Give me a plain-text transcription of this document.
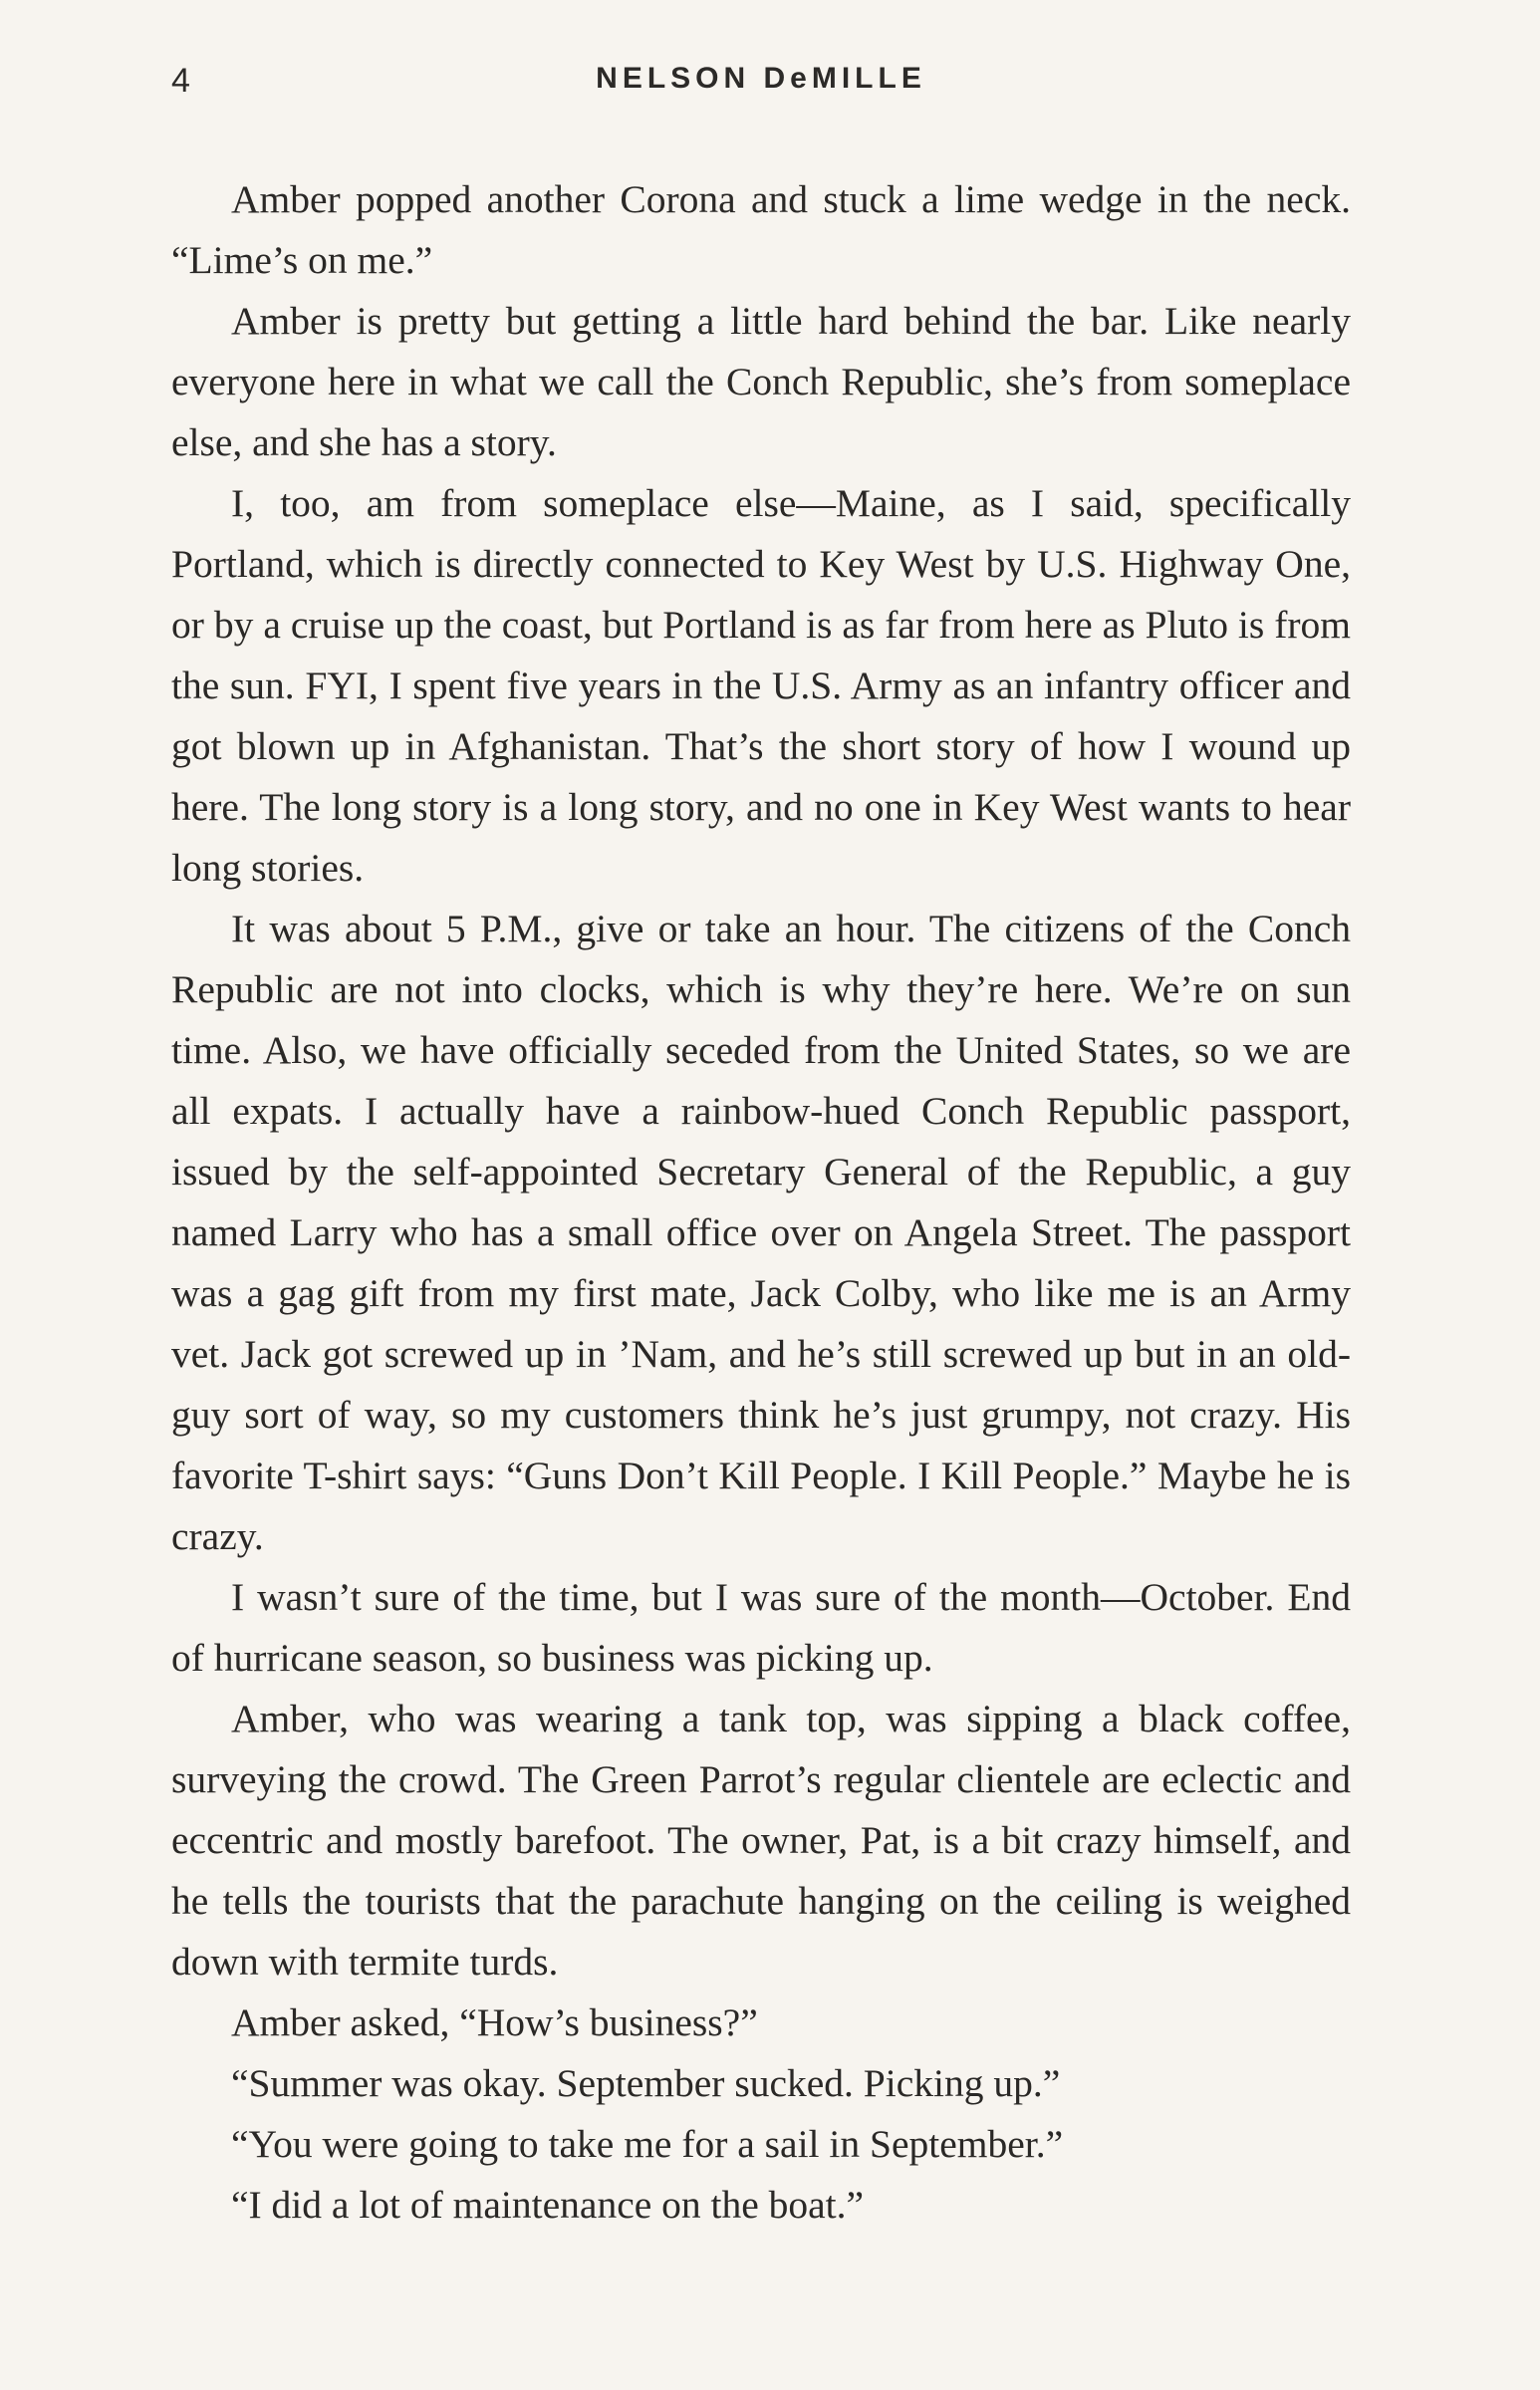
4	NELSON DeMILLE

Amber popped another Corona and stuck a lime wedge in the neck. “Lime’s on me.”

Amber is pretty but getting a little hard behind the bar. Like nearly everyone here in what we call the Conch Republic, she’s from someplace else, and she has a story.

I, too, am from someplace else—Maine, as I said, specifically Portland, which is directly connected to Key West by U.S. Highway One, or by a cruise up the coast, but Portland is as far from here as Pluto is from the sun. FYI, I spent five years in the U.S. Army as an infantry officer and got blown up in Afghanistan. That’s the short story of how I wound up here. The long story is a long story, and no one in Key West wants to hear long stories.

It was about 5 P.M., give or take an hour. The citizens of the Conch Republic are not into clocks, which is why they’re here. We’re on sun time. Also, we have officially seceded from the United States, so we are all expats. I actually have a rainbow-hued Conch Republic passport, issued by the self-appointed Secretary General of the Republic, a guy named Larry who has a small office over on Angela Street. The passport was a gag gift from my first mate, Jack Colby, who like me is an Army vet. Jack got screwed up in ’Nam, and he’s still screwed up but in an old-guy sort of way, so my customers think he’s just grumpy, not crazy. His favorite T-shirt says: “Guns Don’t Kill People. I Kill People.” Maybe he is crazy.

I wasn’t sure of the time, but I was sure of the month—October. End of hurricane season, so business was picking up.

Amber, who was wearing a tank top, was sipping a black coffee, surveying the crowd. The Green Parrot’s regular clientele are eclectic and eccentric and mostly barefoot. The owner, Pat, is a bit crazy himself, and he tells the tourists that the parachute hanging on the ceiling is weighed down with termite turds.

Amber asked, “How’s business?”

“Summer was okay. September sucked. Picking up.”

“You were going to take me for a sail in September.”

“I did a lot of maintenance on the boat.”
